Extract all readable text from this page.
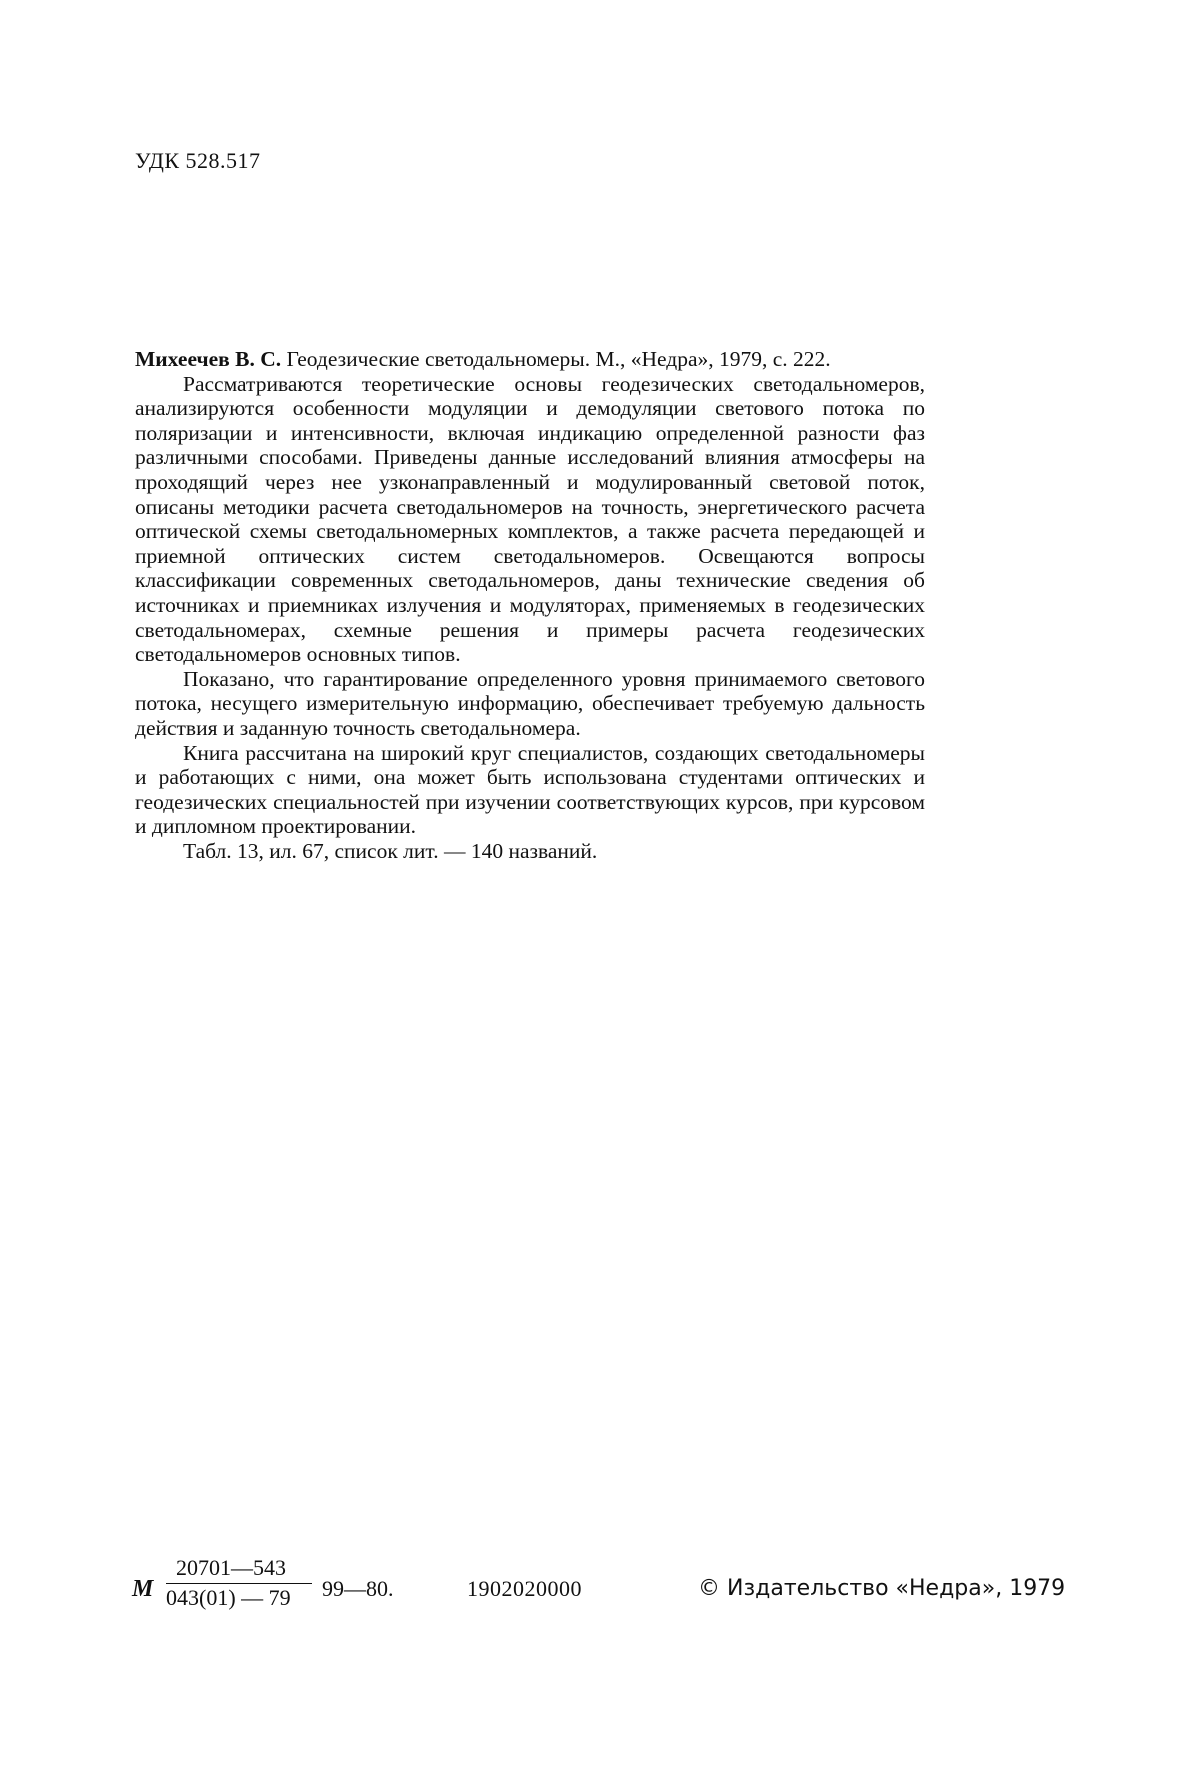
УДК 528.517

Михеечев В. С. Геодезические светодальномеры. М., «Недра», 1979, с. 222.

Рассматриваются теоретические основы геодезических светодальномеров, анализируются особенности модуляции и демодуляции светового потока по поляризации и интенсивности, включая индикацию определенной разности фаз различными способами. Приведены данные исследований влияния атмосферы на проходящий через нее узконаправленный и модулированный световой поток, описаны методики расчета светодальномеров на точность, энергетического расчета оптической схемы светодальномерных комплектов, а также расчета передающей и приемной оптических систем светодальномеров. Освещаются вопросы классификации современных светодальномеров, даны технические сведения об источниках и приемниках излучения и модуляторах, применяемых в геодезических светодальномерах, схемные решения и примеры расчета геодезических светодальномеров основных типов.

Показано, что гарантирование определенного уровня принимаемого светового потока, несущего измерительную информацию, обеспечивает требуемую дальность действия и заданную точность светодальномера.

Книга рассчитана на широкий круг специалистов, создающих светодальномеры и работающих с ними, она может быть использована студентами оптических и геодезических специальностей при изучении соответствующих курсов, при курсовом и дипломном проектировании.

Табл. 13, ил. 67, список лит. — 140 названий.

М
20701—543
043(01) — 79	99—80.	1902020000	© Издательство «Недра», 1979
